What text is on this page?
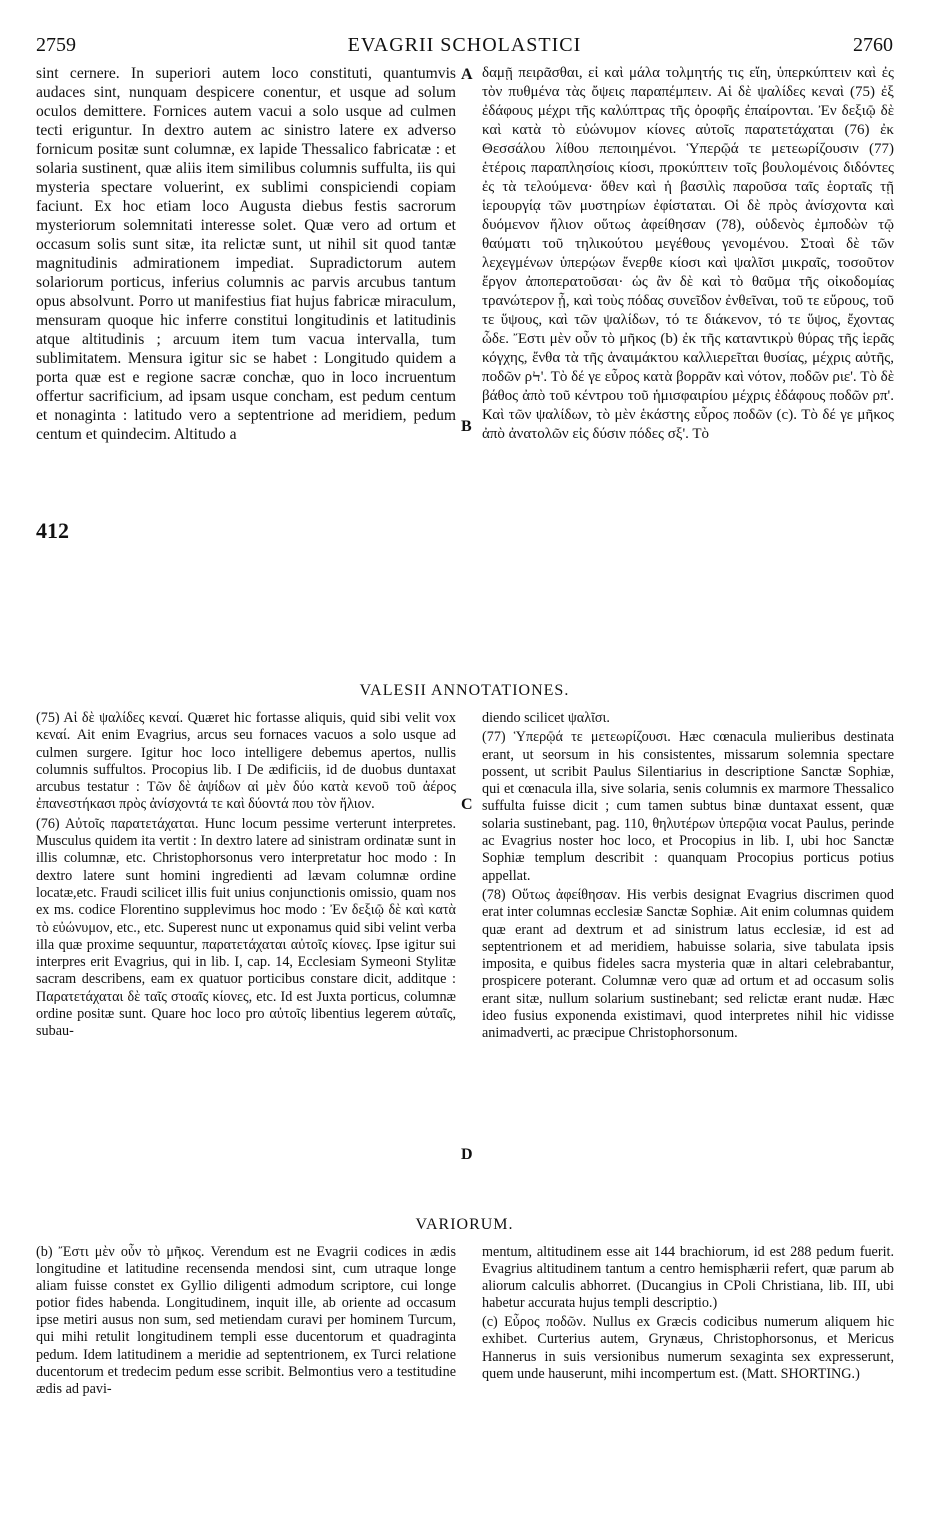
2759	EVAGRII SCHOLASTICI	2760

sint cernere. In superiori autem loco constituti, quantumvis audaces sint, nunquam despicere conentur, et usque ad solum oculos demittere. Fornices autem vacui a solo usque ad culmen tecti eriguntur. In dextro autem ac sinistro latere ex adverso fornicum positæ sunt columnæ, ex lapide Thessalico fabricatæ : et solaria sustinent, quæ aliis item similibus columnis suffulta, iis qui mysteria spectare voluerint, ex sublimi conspiciendi copiam faciunt. Ex hoc etiam loco Augusta diebus festis sacrorum mysteriorum solemnitati interesse solet. Quæ vero ad ortum et occasum solis sunt sitæ, ita relictæ sunt, ut nihil sit quod tantæ magnitudinis admirationem impediat. Supradictorum autem solariorum porticus, inferius columnis ac parvis arcubus tantum opus absolvunt. Porro ut manifestius fiat hujus fabricæ miraculum, mensuram quoque hic inferre constitui longitudinis et latitudinis atque altitudinis ; arcuum item tum vacua intervalla, tum sublimitatem. Mensura igitur sic se habet : Longitudo quidem a porta quæ est e regione sacræ conchæ, quo in loco incruentum offertur sacrificium, ad ipsam usque concham, est pedum centum et nonaginta : latitudo vero a septentrione ad meridiem, pedum centum et quindecim. Altitudo a

δαμῇ πειρᾶσθαι, εἰ καὶ μάλα τολμητής τις εἴη, ὑπερκύπτειν καὶ ἐς τὸν πυθμένα τὰς ὄψεις παραπέμπειν. Αἱ δὲ ψαλίδες κεναὶ (75) ἐξ ἐδάφους μέχρι τῆς καλύπτρας τῆς ὀροφῆς ἐπαίρονται. Ἐν δεξιῷ δὲ καὶ κατὰ τὸ εὐώνυμον κίονες αὐτοῖς παρατετάχαται (76) ἐκ Θεσσάλου λίθου πεποιημένοι. Ὑπερῷά τε μετεωρίζουσιν (77) ἑτέροις παραπλησίοις κίοσι, προκύπτειν τοῖς βουλομένοις διδόντες ἐς τὰ τελούμενα· ὅθεν καὶ ἡ βασιλὶς παροῦσα ταῖς ἑορταῖς τῇ ἱερουργίᾳ τῶν μυστηρίων ἐφίσταται. Οἱ δὲ πρὸς ἀνίσχοντα καὶ δυόμενον ἥλιον οὕτως ἀφείθησαν (78), οὐδενὸς ἐμποδὼν τῷ θαύματι τοῦ τηλικούτου μεγέθους γενομένου. Στοαὶ δὲ τῶν λεχεγμένων ὑπερῴων ἔνερθε κίοσι καὶ ψαλῖσι μικραῖς, τοσοῦτον ἔργον ἀποπερατοῦσαι· ὡς ἂν δὲ καὶ τὸ θαῦμα τῆς οἰκοδομίας τρανώτερον ᾖ, καὶ τοὺς πόδας συνεῖδον ἐνθεῖναι, τοῦ τε εὔρους, τοῦ τε ὕψους, καὶ τῶν ψαλίδων, τό τε διάκενον, τό τε ὕψος, ἔχοντας ὧδε. Ἔστι μὲν οὖν τὸ μῆκος (b) ἐκ τῆς καταντικρὺ θύρας τῆς ἱερᾶς κόγχης, ἔνθα τὰ τῆς ἀναιμάκτου καλλιερεῖται θυσίας, μέχρις αὐτῆς, ποδῶν ρϞ'. Τὸ δέ γε εὖρος κατὰ βορρᾶν καὶ νότον, ποδῶν ριε'. Τὸ δὲ βάθος ἀπὸ τοῦ κέντρου τοῦ ἡμισφαιρίου μέχρις ἐδάφους ποδῶν ρπ'. Καὶ τῶν ψαλίδων, τὸ μὲν ἑκάστης εὖρος ποδῶν (c). Τὸ δέ γε μῆκος ἀπὸ ἀνατολῶν εἰς δύσιν πόδες σξ'. Τὸ

A
B
C
D
412
VALESII ANNOTATIONES.

(75) Αἱ δὲ ψαλίδες κεναί. Quæret hic fortasse aliquis, quid sibi velit vox κεναί. Ait enim Evagrius, arcus seu fornaces vacuos a solo usque ad culmen surgere. Igitur hoc loco intelligere debemus apertos, nullis columnis suffultos. Procopius lib. I De ædificiis, id de duobus duntaxat arcubus testatur : Τῶν δὲ ἀψίδων αἱ μὲν δύο κατὰ κενοῦ τοῦ ἀέρος ἐπανεστήκασι πρὸς ἀνίσχοντά τε καὶ δύοντά που τὸν ἥλιον.

(76) Αὐτοῖς παρατετάχαται. Hunc locum pessime verterunt interpretes. Musculus quidem ita vertit : In dextro latere ad sinistram ordinatæ sunt in illis columnæ, etc. Christophorsonus vero interpretatur hoc modo : In dextro latere sunt homini ingredienti ad lævam columnæ ordine locatæ,etc. Fraudi scilicet illis fuit unius conjunctionis omissio, quam nos ex ms. codice Florentino supplevimus hoc modo : Ἐν δεξιῷ δὲ καὶ κατὰ τὸ εὐώνυμον, etc., etc. Superest nunc ut exponamus quid sibi velint verba illa quæ proxime sequuntur, παρατετάχαται αὐτοῖς κίονες. Ipse igitur sui interpres erit Evagrius, qui in lib. I, cap. 14, Ecclesiam Symeoni Stylitæ sacram describens, eam ex quatuor porticibus constare dicit, additque : Παρατετάχαται δὲ ταῖς στοαῖς κίονες, etc. Id est Juxta porticus, columnæ ordine positæ sunt. Quare hoc loco pro αὐτοῖς libentius legerem αὐταῖς, subau-

diendo scilicet ψαλῖσι.

(77) Ὑπερῷά τε μετεωρίζουσι. Hæc cœnacula mulieribus destinata erant, ut seorsum in his consistentes, missarum solemnia spectare possent, ut scribit Paulus Silentiarius in descriptione Sanctæ Sophiæ, qui et cœnacula illa, sive solaria, senis columnis ex marmore Thessalico suffulta fuisse dicit ; cum tamen subtus binæ duntaxat essent, quæ solaria sustinebant, pag. 110, θηλυτέρων ὑπερῷια vocat Paulus, perinde ac Evagrius noster hoc loco, et Procopius in lib. I, ubi hoc Sanctæ Sophiæ templum describit : quanquam Procopius porticus potius appellat.

(78) Οὕτως ἀφείθησαν. His verbis designat Evagrius discrimen quod erat inter columnas ecclesiæ Sanctæ Sophiæ. Ait enim columnas quidem quæ erant ad dextrum et ad sinistrum latus ecclesiæ, id est ad septentrionem et ad meridiem, habuisse solaria, sive tabulata ipsis imposita, e quibus fideles sacra mysteria quæ in altari celebrabantur, prospicere poterant. Columnæ vero quæ ad ortum et ad occasum solis erant sitæ, nullum solarium sustinebant; sed relictæ erant nudæ. Hæc ideo fusius exponenda existimavi, quod interpretes nihil hic vidisse animadverti, ac præcipue Christophorsonum.

VARIORUM.

(b) Ἔστι μὲν οὖν τὸ μῆκος. Verendum est ne Evagrii codices in ædis longitudine et latitudine recensenda mendosi sint, cum utraque longe aliam fuisse constet ex Gyllio diligenti admodum scriptore, cui longe potior fides habenda. Longitudinem, inquit ille, ab oriente ad occasum ipse metiri ausus non sum, sed metiendam curavi per hominem Turcum, qui mihi retulit longitudinem templi esse ducentorum et quadraginta pedum. Idem latitudinem a meridie ad septentrionem, ex Turci relatione ducentorum et tredecim pedum esse scribit. Belmontius vero a testitudine ædis ad pavi-

mentum, altitudinem esse ait 144 brachiorum, id est 288 pedum fuerit. Evagrius altitudinem tantum a centro hemisphærii refert, quæ parum ab aliorum calculis abhorret. (Ducangius in CPoli Christiana, lib. III, ubi habetur accurata hujus templi descriptio.)

(c) Εὖρος ποδῶν. Nullus ex Græcis codicibus numerum aliquem hic exhibet. Curterius autem, Grynæus, Christophorsonus, et Mericus Hannerus in suis versionibus numerum sexaginta sex expresserunt, quem unde hauserunt, mihi incompertum est. (Matt. SHORTING.)
